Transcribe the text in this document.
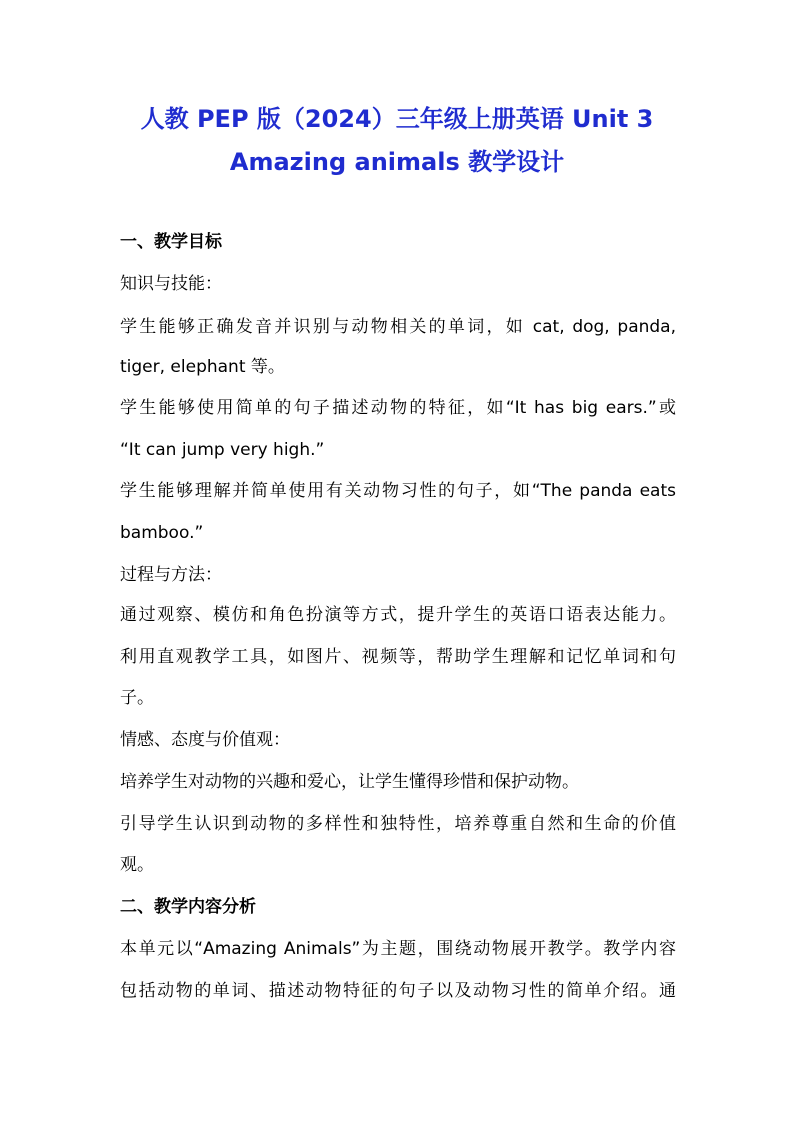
人教 PEP 版（2024）三年级上册英语 Unit 3
Amazing animals 教学设计
一、教学目标
知识与技能：
学生能够正确发音并识别与动物相关的单词，如 cat, dog, panda,
tiger, elephant 等。
学生能够使用简单的句子描述动物的特征，如“It has big ears.”或
“It can jump very high.”
学生能够理解并简单使用有关动物习性的句子，如“The panda eats
bamboo.”
过程与方法：
通过观察、模仿和角色扮演等方式，提升学生的英语口语表达能力。
利用直观教学工具，如图片、视频等，帮助学生理解和记忆单词和句
子。
情感、态度与价值观：
培养学生对动物的兴趣和爱心，让学生懂得珍惜和保护动物。
引导学生认识到动物的多样性和独特性，培养尊重自然和生命的价值
观。
二、教学内容分析
本单元以“Amazing Animals”为主题，围绕动物展开教学。教学内容
包括动物的单词、描述动物特征的句子以及动物习性的简单介绍。通
